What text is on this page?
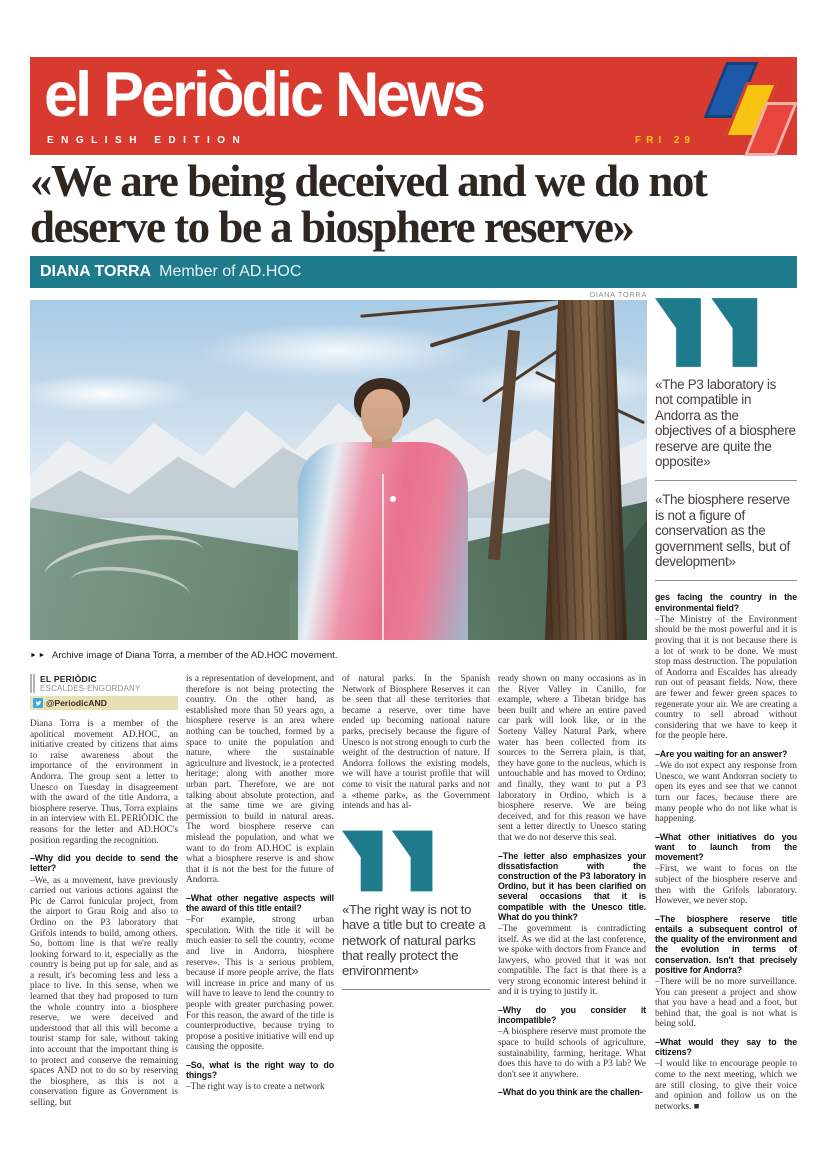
el Periòdic News
ENGLISH EDITION	FRI 29
«We are being deceived and we do not
deserve to be a biosphere reserve»
DIANA TORRA Member of AD.HOC
DIANA TORRA
►► Archive image of Diana Torra, a member of the AD.HOC movement.
EL PERIÒDIC
ESCALDES-ENGORDANY
@PeriodicAND

Diana Torra is a member of the apolitical movement AD.HOC, an initiative created by citizens that aims to raise awareness about the importance of the environment in Andorra. The group sent a letter to Unesco on Tuesday in disagreement with the award of the title Andorra, a biosphere reserve. Thus, Torra explains in an interview with EL PERIÒDIC the reasons for the letter and AD.HOC's position regarding the recognition.

–Why did you decide to send the letter?

–We, as a movement, have previously carried out various actions against the Pic de Carroi funicular project, from the airport to Grau Roig and also to Ordino on the P3 laboratory that Grifols intends to build, among others. So, bottom line is that we're really looking forward to it, especially as the country is being put up for sale, and as a result, it's becoming less and less a place to live. In this sense, when we learned that they had proposed to turn the whole country into a biosphere reserve, we were deceived and understood that all this will become a tourist stamp for sale, without taking into account that the important thing is to protect and conserve the remaining spaces AND not to do so by reserving the biosphere, as this is not a conservation figure as Government is selling, but

is a representation of development, and therefore is not being protecting the country. On the other hand, as established more than 50 years ago, a biosphere reserve is an area where nothing can be touched, formed by a space to unite the population and nature, where the sustainable agriculture and livestock, ie a protected heritage; along with another more urban part. Therefore, we are not talking about absolute protection, and at the same time we are giving permission to build in natural areas. The word biosphere reserve can mislead the population, and what we want to do from AD.HOC is explain what a biosphere reserve is and show that it is not the best for the future of Andorra.

–What other negative aspects will the award of this title entail?

–For example, strong urban speculation. With the title it will be much easier to sell the country, «come and live in Andorra, biosphere reserve». This is a serious problem, because if more people arrive, the flats will increase in price and many of us will have to leave to lend the country to people with greater purchasing power. For this reason, the award of the title is counterproductive, because trying to propose a positive initiative will end up causing the opposite.

–So, what is the right way to do things?

–The right way is to create a network

of natural parks. In the Spanish Network of Biosphere Reserves it can be seen that all these territories that became a reserve, over time have ended up becoming national nature parks, precisely because the figure of Unesco is not strong enough to curb the weight of the destruction of nature. If Andorra follows the existing models, we will have a tourist profile that will come to visit the natural parks and not a «theme park», as the Government intends and has al-

«The right way is not to have a title but to create a network of natural parks that really protect the environment»

ready shown on many occasions as in the River Valley in Canillo, for example, where a Tibetan bridge has been built and where an entire paved car park will look like, or in the Sorteny Valley Natural Park, where water has been collected from its sources to the Serrera plain, is that, they have gone to the nucleus, which is untouchable and has moved to Ordino; and finally, they want to put a P3 laboratory in Ordino, which is a biosphere reserve. We are being deceived, and for this reason we have sent a letter directly to Unesco stating that we do not deserve this seal.

–The letter also emphasizes your dissatisfaction with the construction of the P3 laboratory in Ordino, but it has been clarified on several occasions that it is compatible with the Unesco title. What do you think?

–The government is contradicting itself. As we did at the last conference, we spoke with doctors from France and lawyers, who proved that it was not compatible. The fact is that there is a very strong economic interest behind it and it is trying to justify it.

–Why do you consider it incompatible?

–A biosphere reserve must promote the space to build schools of agriculture, sustainability, farming, heritage. What does this have to do with a P3 lab? We don't see it anywhere.

–What do you think are the challen-

«The P3 laboratory is not compatible in Andorra as the objectives of a biosphere reserve are quite the opposite»
«The biosphere reserve is not a figure of conservation as the government sells, but of development»

ges facing the country in the environmental field?

–The Ministry of the Environment should be the most powerful and it is proving that it is not because there is a lot of work to be done. We must stop mass destruction. The population of Andorra and Escaldes has already run out of peasant fields. Now, there are fewer and fewer green spaces to regenerate your air. We are creating a country to sell abroad without considering that we have to keep it for the people here.

–Are you waiting for an answer?

–We do not expect any response from Unesco, we want Andorran society to open its eyes and see that we cannot turn our faces, because there are many people who do not like what is happening.

–What other initiatives do you want to launch from the movement?

–First, we want to focus on the subject of the biosphere reserve and then with the Grifols laboratory. However, we never stop.

–The biosphere reserve title entails a subsequent control of the quality of the environment and the evolution in terms of conservation. Isn't that precisely positive for Andorra?

–There will be no more surveillance. You can present a project and show that you have a head and a foot, but behind that, the goal is not what is being sold.

–What would they say to the citizens?

–I would like to encourage people to come to the next meeting, which we are still closing, to give their voice and opinion and follow us on the networks. ■
